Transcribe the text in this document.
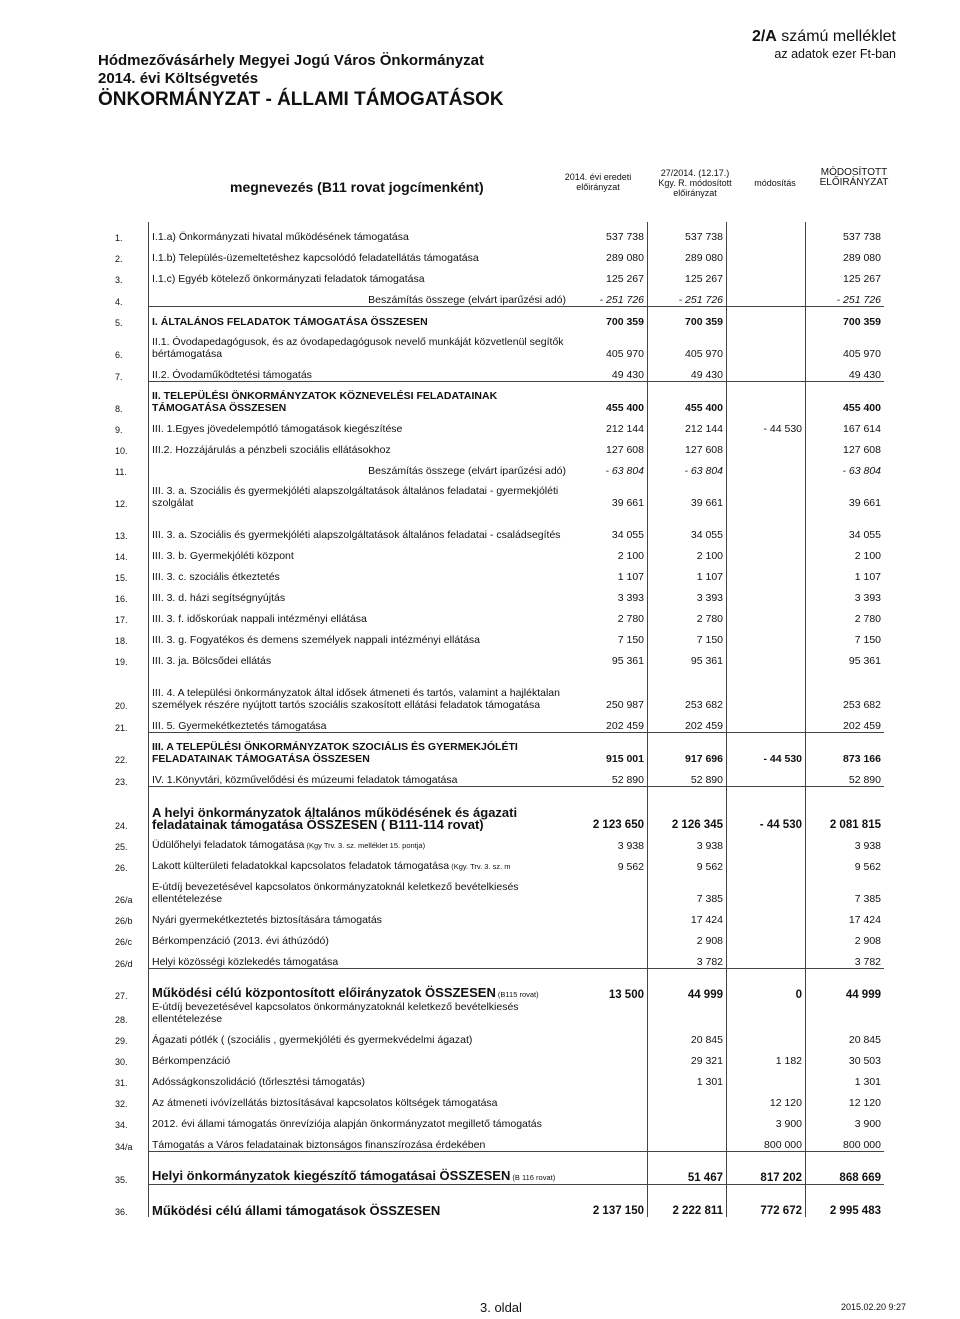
Hódmezővásárhely Megyei Jogú Város Önkormányzat
2014. évi Költségvetés
ÖNKORMÁNYZAT - ÁLLAMI TÁMOGATÁSOK
2/A számú melléklet
az adatok ezer Ft-ban
megnevezés (B11 rovat jogcímenként)
2014. évi eredeti előirányzat
27/2014. (12.17.) Kgy. R. módosított előirányzat
módosítás
MÓDOSÍTOTT ELŐIRÁNYZAT
1.	I.1.a) Önkormányzati hivatal működésének támogatása	537 738	537 738		537 738
2.	I.1.b) Település-üzemeltetéshez kapcsolódó feladatellátás támogatása	289 080	289 080		289 080
3.	I.1.c) Egyéb kötelező önkormányzati feladatok támogatása	125 267	125 267		125 267
4.	Beszámítás összege (elvárt iparűzési adó)	- 251 726	- 251 726		- 251 726
5.	I. ÁLTALÁNOS FELADATOK TÁMOGATÁSA ÖSSZESEN	700 359	700 359		700 359
6.	II.1. Óvodapedagógusok, és az óvodapedagógusok nevelő munkáját közvetlenül segítők bértámogatása	405 970	405 970		405 970
7.	II.2. Óvodaműködtetési támogatás	49 430	49 430		49 430
8.	II. TELEPÜLÉSI ÖNKORMÁNYZATOK KÖZNEVELÉSI FELADATAINAK TÁMOGATÁSA ÖSSZESEN	455 400	455 400		455 400
9.	III. 1.Egyes jövedelempótló támogatások kiegészítése	212 144	212 144	- 44 530	167 614
10.	III.2. Hozzájárulás a pénzbeli szociális ellátásokhoz	127 608	127 608		127 608
11.	Beszámítás összege (elvárt iparűzési adó)	- 63 804	- 63 804		- 63 804
12.	III. 3. a. Szociális és gyermekjóléti alapszolgáltatások általános feladatai - gyermekjóléti szolgálat	39 661	39 661		39 661
13.	III. 3. a. Szociális és gyermekjóléti alapszolgáltatások általános feladatai - családsegítés	34 055	34 055		34 055
14.	III. 3. b. Gyermekjóléti központ	2 100	2 100		2 100
15.	III. 3. c. szociális étkeztetés	1 107	1 107		1 107
16.	III. 3. d. házi segítségnyújtás	3 393	3 393		3 393
17.	III. 3. f. időskorúak nappali intézményi ellátása	2 780	2 780		2 780
18.	III. 3. g. Fogyatékos és demens személyek nappali intézményi ellátása	7 150	7 150		7 150
19.	III. 3. ja. Bölcsődei ellátás	95 361	95 361		95 361
20.	III. 4. A települési önkormányzatok által idősek átmeneti és tartós, valamint a hajléktalan személyek részére nyújtott tartós szociális szakosított ellátási feladatok támogatása	250 987	253 682		253 682
21.	III. 5. Gyermekétkeztetés támogatása	202 459	202 459		202 459
22.	III. A TELEPÜLÉSI ÖNKORMÁNYZATOK SZOCIÁLIS ÉS GYERMEKJÓLÉTI FELADATAINAK TÁMOGATÁSA ÖSSZESEN	915 001	917 696	- 44 530	873 166
23.	IV. 1.Könyvtári, közművelődési és múzeumi feladatok támogatása	52 890	52 890		52 890
24.	A helyi önkormányzatok általános működésének és ágazati feladatainak támogatása ÖSSZESEN ( B111-114 rovat)	2 123 650	2 126 345	- 44 530	2 081 815
25.	Üdülőhelyi feladatok támogatása (Kgy Trv. 3. sz. melléklet 15. pontja)	3 938	3 938		3 938
26.	Lakott külterületi feladatokkal kapcsolatos feladatok támogatása (Kgy. Trv. 3. sz. m	9 562	9 562		9 562
26/a	E-útdíj bevezetésével kapcsolatos önkormányzatoknál keletkező bevételkiesés ellentételezése		7 385		7 385
26/b	Nyári gyermekétkeztetés biztosítására támogatás		17 424		17 424
26/c	Bérkompenzáció (2013. évi áthúzódó)		2 908		2 908
26/d	Helyi közösségi közlekedés támogatása		3 782		3 782
27.	Működési célú központosított előirányzatok ÖSSZESEN (B115 rovat)	13 500	44 999	0	44 999
28.	E-útdíj bevezetésével kapcsolatos önkormányzatoknál keletkező bevételkiesés ellentételezése				
29.	Ágazati pótlék ( (szociális , gyermekjóléti és gyermekvédelmi ágazat)		20 845		20 845
30.	Bérkompenzáció		29 321	1 182	30 503
31.	Adósságkonszolidáció (tőrlesztési támogatás)		1 301		1 301
32.	Az átmeneti ivóvízellátás biztosításával kapcsolatos költségek támogatása			12 120	12 120
34.	2012. évi állami támogatás önrevíziója alapján önkormányzatot megillető támogatás			3 900	3 900
34/a	Támogatás a Város feladatainak biztonságos finanszírozása érdekében			800 000	800 000
35.	Helyi önkormányzatok kiegészítő támogatásai ÖSSZESEN (B 116 rovat)		51 467	817 202	868 669
36.	Működési célú állami támogatások ÖSSZESEN	2 137 150	2 222 811	772 672	2 995 483
3. oldal	2015.02.20 9:27
